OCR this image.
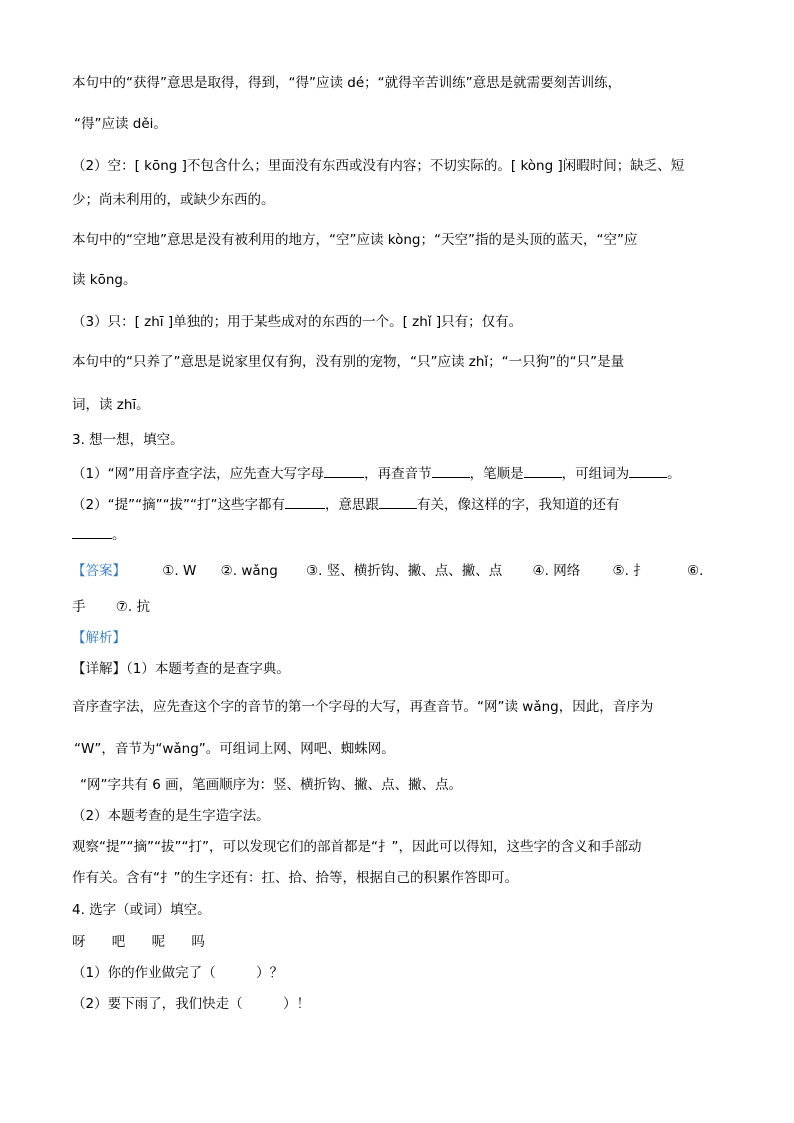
本句中的“获得”意思是取得，得到，“得”应读 dé；“就得辛苦训练”意思是就需要刻苦训练，
“得”应读 děi。
（2）空：[ kōng ]不包含什么；里面没有东西或没有内容；不切实际的。[ kòng ]闲暇时间；缺乏、短
少；尚未利用的，或缺少东西的。
本句中的“空地”意思是没有被利用的地方，“空”应读 kòng；“天空”指的是头顶的蓝天，“空”应
读 kōng。
（3）只：[ zhī ]单独的；用于某些成对的东西的一个。[ zhǐ ]只有；仅有。
本句中的“只养了”意思是说家里仅有狗，没有别的宠物，“只”应读 zhǐ；“一只狗”的“只”是量
词，读 zhī。
3. 想一想，填空。
（1）“网”用音序查字法，应先查大写字母	，再查音节	，笔顺是	，可组词为	。
（2）“提”“摘”“拔”“打”这些字都有	，意思跟	有关，像这样的字，我知道的还有
。
【答案】	①. W ②. wǎng ③. 竖、横折钩、撇、点、撇、点 ④. 网络 ⑤. 扌	⑥.
手 ⑦. 抗
【解析】
【详解】（1）本题考查的是查字典。
音序查字法，应先查这个字的音节的第一个字母的大写，再查音节。“网”读 wǎng，因此，音序为
“W”，音节为“wǎng”。可组词上网、网吧、蜘蛛网。
“网”字共有 6 画，笔画顺序为：竖、横折钩、撇、点、撇、点。
（2）本题考查的是生字造字法。
观察“提”“摘”“拔”“打”，可以发现它们的部首都是“扌”，因此可以得知，这些字的含义和手部动
作有关。含有“扌”的生字还有：扛、拾、拾等，根据自己的积累作答即可。
4. 选字（或词）填空。
呀 吧 呢 吗
（1）你的作业做完了（　　　）？
（2）要下雨了，我们快走（　　　）！
